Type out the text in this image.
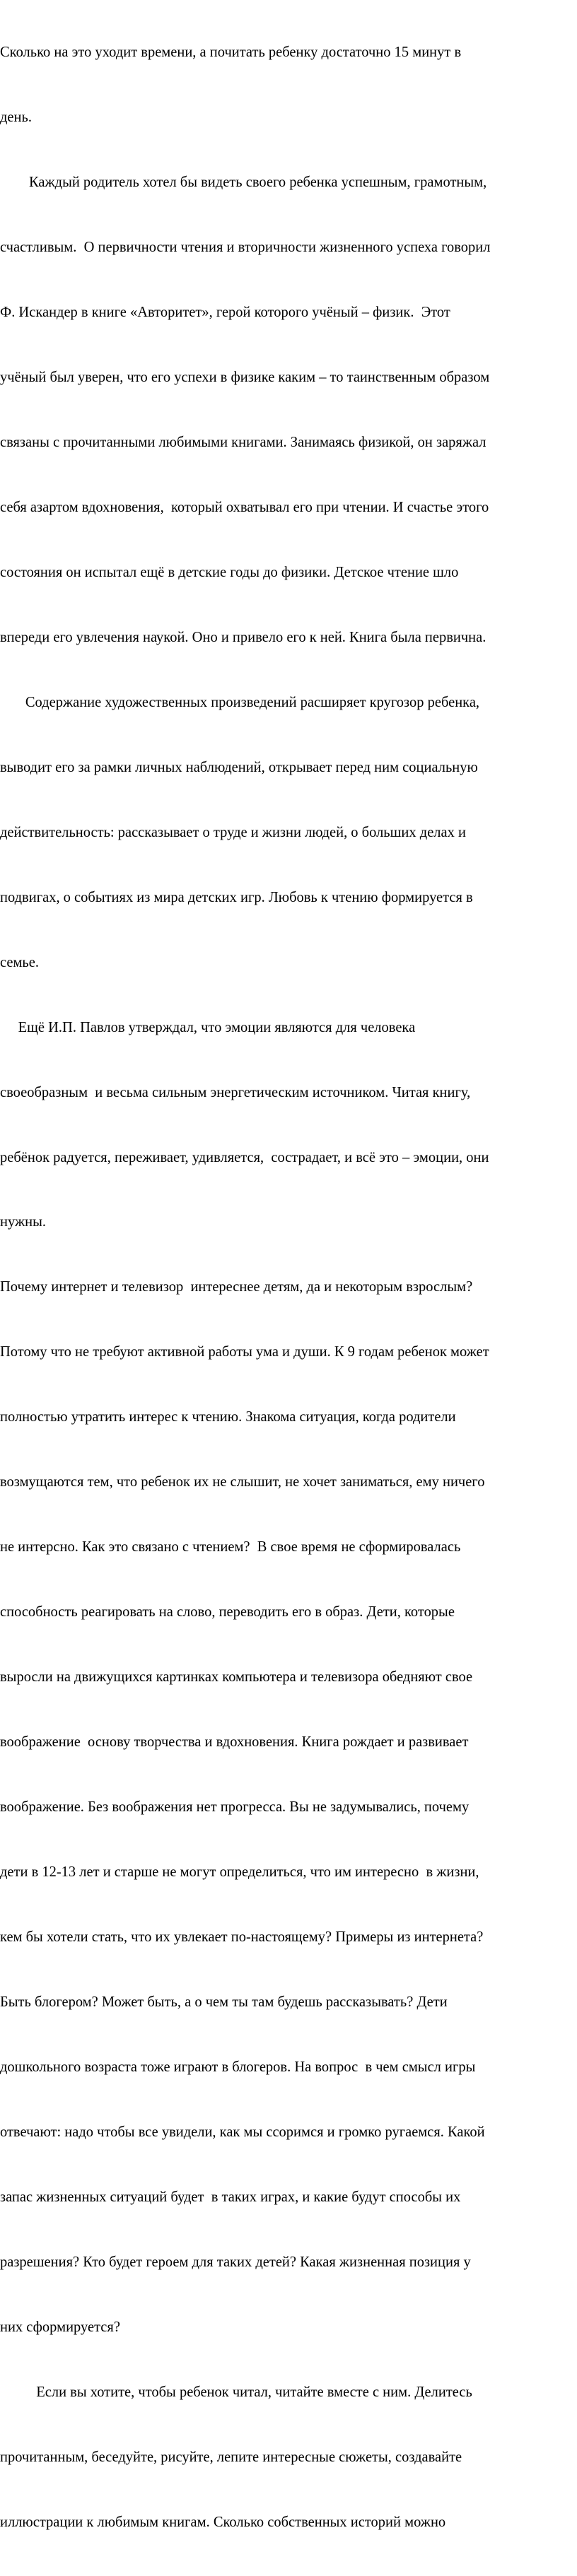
Сколько на это уходит времени, а почитать ребенку достаточно 15 минут в

день.

Каждый родитель хотел бы видеть своего ребенка успешным, грамотным,

счастливым.  О первичности чтения и вторичности жизненного успеха говорил

Ф. Искандер в книге «Авторитет», герой которого учёный – физик.  Этот

учёный был уверен, что его успехи в физике каким – то таинственным образом

связаны с прочитанными любимыми книгами. Занимаясь физикой, он заряжал

себя азартом вдохновения,  который охватывал его при чтении. И счастье этого

состояния он испытал ещё в детские годы до физики. Детское чтение шло

впереди его увлечения наукой. Оно и привело его к ней. Книга была первична.

Содержание художественных произведений расширяет кругозор ребенка,

выводит его за рамки личных наблюдений, открывает перед ним социальную

действительность: рассказывает о труде и жизни людей, о больших делах и

подвигах, о событиях из мира детских игр. Любовь к чтению формируется в

семье.

Ещё И.П. Павлов утверждал, что эмоции являются для человека

своеобразным  и весьма сильным энергетическим источником. Читая книгу,

ребёнок радуется, переживает, удивляется,  сострадает, и всё это – эмоции, они

нужны.

Почему интернет и телевизор  интереснее детям, да и некоторым взрослым?

Потому что не требуют активной работы ума и души. К 9 годам ребенок может

полностью утратить интерес к чтению. Знакома ситуация, когда родители

возмущаются тем, что ребенок их не слышит, не хочет заниматься, ему ничего

не интерсно. Как это связано с чтением?  В свое время не сформировалась

способность реагировать на слово, переводить его в образ. Дети, которые

выросли на движущихся картинках компьютера и телевизора обедняют свое

воображение  основу творчества и вдохновения. Книга рождает и развивает

воображение. Без воображения нет прогресса. Вы не задумывались, почему

дети в 12-13 лет и старше не могут определиться, что им интересно  в жизни,

кем бы хотели стать, что их увлекает по-настоящему? Примеры из интернета?

Быть блогером? Может быть, а о чем ты там будешь рассказывать? Дети

дошкольного возраста тоже играют в блогеров. На вопрос  в чем смысл игры

отвечают: надо чтобы все увидели, как мы ссоримся и громко ругаемся. Какой

запас жизненных ситуаций будет  в таких играх, и какие будут способы их

разрешения? Кто будет героем для таких детей? Какая жизненная позиция у

них сформируется?

Если вы хотите, чтобы ребенок читал, читайте вместе с ним. Делитесь

прочитанным, беседуйте, рисуйте, лепите интересные сюжеты, создавайте

иллюстрации к любимым книгам. Сколько собственных историй можно
